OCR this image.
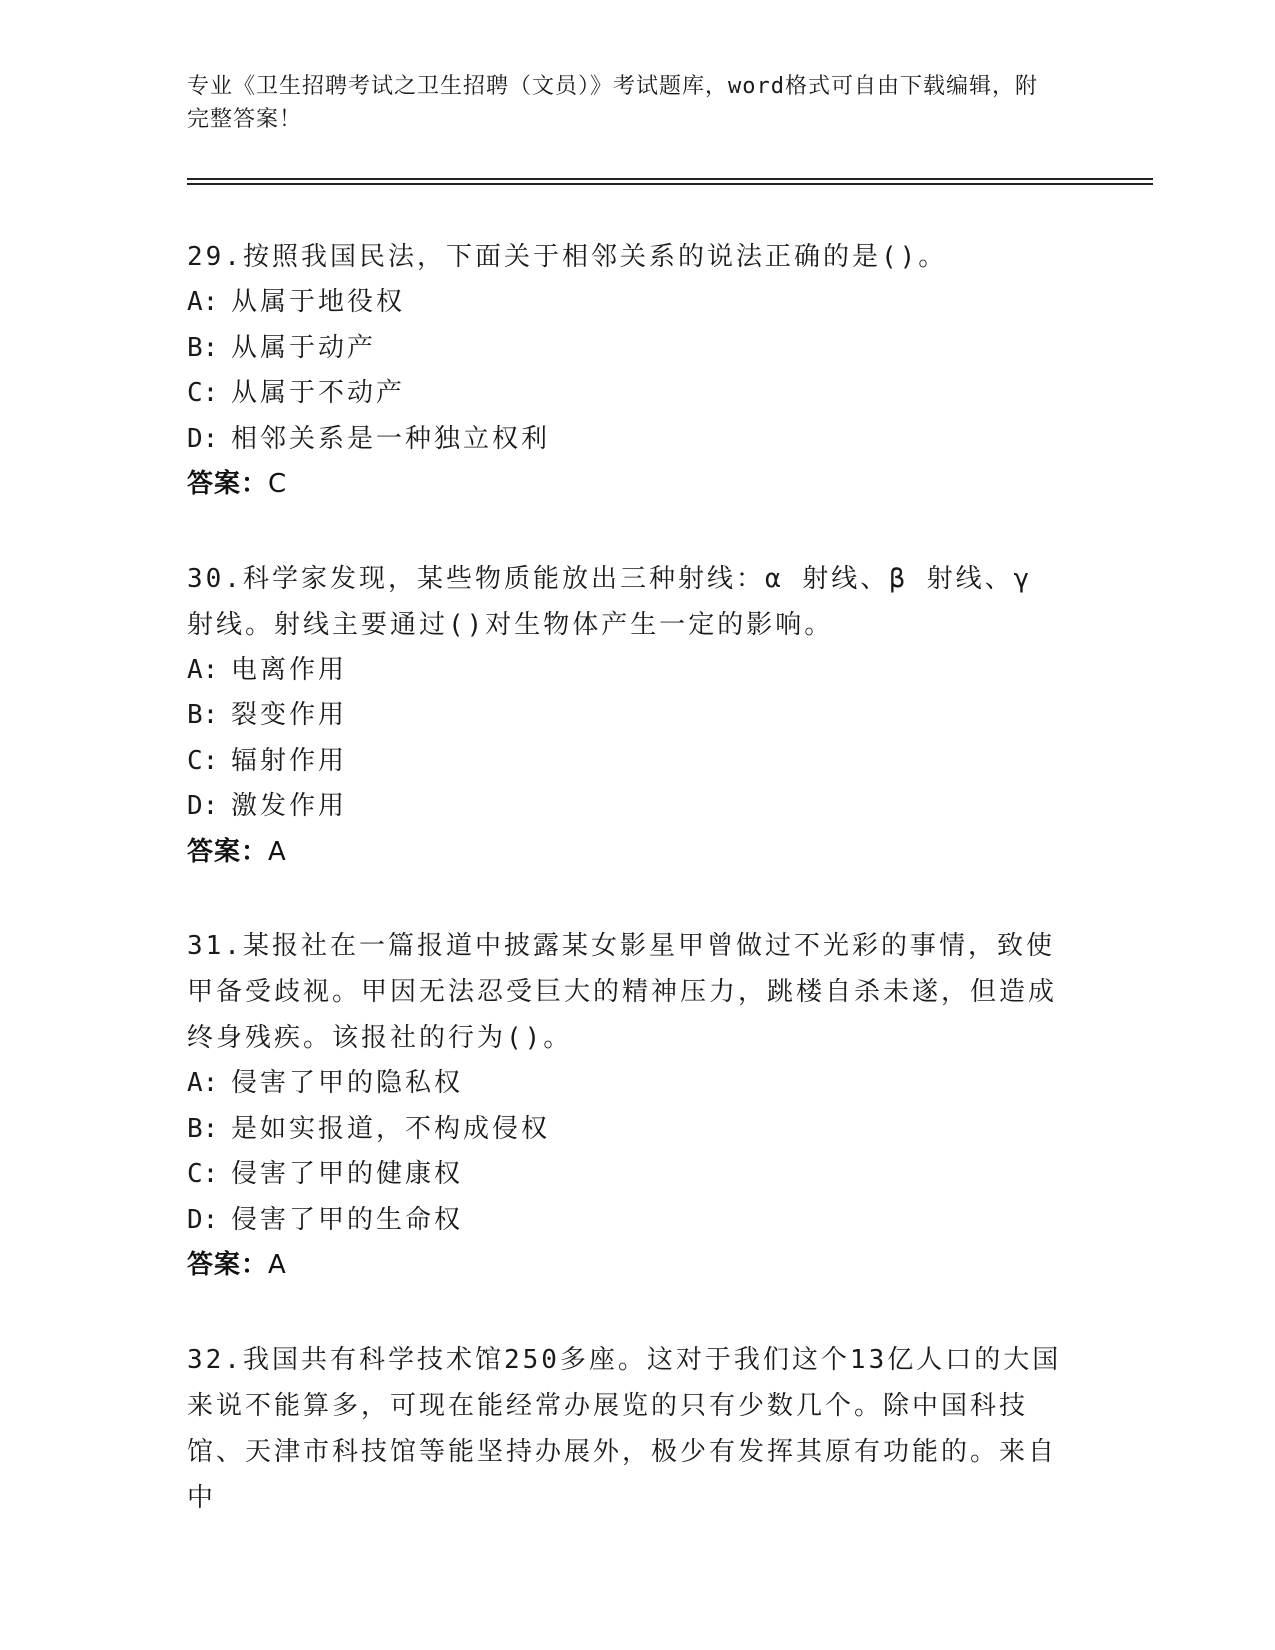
专业《卫生招聘考试之卫生招聘（文员）》考试题库，word格式可自由下载编辑，附完整答案！
29.按照我国民法，下面关于相邻关系的说法正确的是()。
A: 从属于地役权
B: 从属于动产
C: 从属于不动产
D: 相邻关系是一种独立权利
答案：C
30.科学家发现，某些物质能放出三种射线：α 射线、β 射线、γ 射线。射线主要通过()对生物体产生一定的影响。
A: 电离作用
B: 裂变作用
C: 辐射作用
D: 激发作用
答案：A
31.某报社在一篇报道中披露某女影星甲曾做过不光彩的事情，致使甲备受歧视。甲因无法忍受巨大的精神压力，跳楼自杀未遂，但造成终身残疾。该报社的行为()。
A: 侵害了甲的隐私权
B: 是如实报道，不构成侵权
C: 侵害了甲的健康权
D: 侵害了甲的生命权
答案：A
32.我国共有科学技术馆250多座。这对于我们这个13亿人口的大国来说不能算多，可现在能经常办展览的只有少数几个。除中国科技馆、天津市科技馆等能坚持办展外，极少有发挥其原有功能的。来自中
